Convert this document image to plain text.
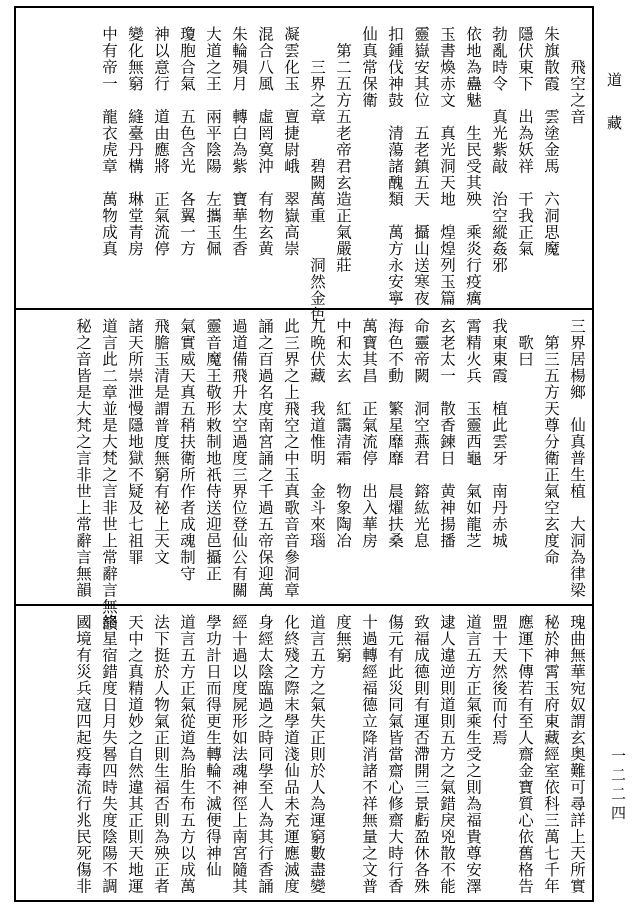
　　飛空之音
朱旗散霞　雲塗金馬　六洞思魔
隱伏東下　出為妖祥　干我正氣
勃亂時令　真光紫敲　治空縱姦邪
依地為蠱魅　生民受其殃　乘炎行疫癘
玉書煥赤文　真光洞天地　煌煌列玉篇
靈嶽安其位　五老鎮五天　攝山送寒夜
扣鍾伐神鼓　清蕩諸醜類　萬方永安寧
仙真常保衛
　第二五方五老帝君玄造正氣嚴莊
　　三界之章　　碧闕萬重　　洞然金色
凝雲化玉　亶捷尉峨　翠嶽高崇
混合八風　虛罔寞沖　有物玄黄
朱輪殞月　轉白為紫　寶華生香
大道之王　兩平陰陽　左攜玉佩
瓊胞合氣　五色含光　各翼一方
神以意行　道由應將　正氣流停
變化無窮　縫臺丹構　琳堂青房
中有帝一　龍衣虎章　萬物成真
三界居楊鄉　仙真普生植　大洞為律梁
　第三五方天尊分衛正氣空玄度命
　歌曰
我東東霞　植此雲牙　南丹赤城
霄精火兵　玉靈西龜　氣如龍芝
玄老太一　散香鍊日　黄神揚播
命靈帝闕　洞空燕君　鎔紘光息
海色不動　繁星靡靡　晨燿扶桑
萬寶其昌　正氣流停　出入華房
中和太玄　紅靄清霜　物象陶冶
九晩伏藏　我道惟明　金斗來瑙
此三界之上飛空之中玉真歌音音參洞章
誦之百過名度南宮誦之千過五帝保迎萬
過道備飛升太空過度三界位登仙公有關
靈音魔王敬形敕制地祇侍送迎邑攝正
氣實威天真五稍扶衛所作者成魂制守
飛膽玉清是謂普度無窮有祕上天文
諸天所崇泄慢隱地獄不疑及七祖罪
道言此二章並是大梵之言非世上常辭言無韻
秘之音皆是大梵之言非世上常辭言無韻
瑰曲無華宛奴謂玄奥難可尋詳上天所實
秘於神霄玉府東藏經室依科三萬七千年
應運下傳若有至人齋金寶質心依舊格告
盟十天然後而付焉
道言五方正氣乘生受之則為福貴尊安澤
逮人違逆則道則五方之氣錯戾兇散不能
致福成德則有運否滯開三景虧盈休各殊
傷元有此災同氣皆當齋心修齋大時行香
十過轉經福德立降消諸不祥無量之文普
度無窮
道言五方之氣失正則於人為運窮數盡變
化終殘之際末學道淺仙品未充運應滅度
身經太陰臨過之時同學至人為其行香誦
經十過以度屍形如法魂神徑上南宮隨其
學功計日而得更生轉輪不滅便得神仙
道言五方正氣從道為胎生布五方以成萬
法下挺於人物氣正則生福否則為殃正者
天中之真精道妙之自然違其正則天地運
終星宿錯度日月失晷四時失度陰陽不調
國境有災兵寇四起疫毒流行兆民死傷非
道藏
一二二四
